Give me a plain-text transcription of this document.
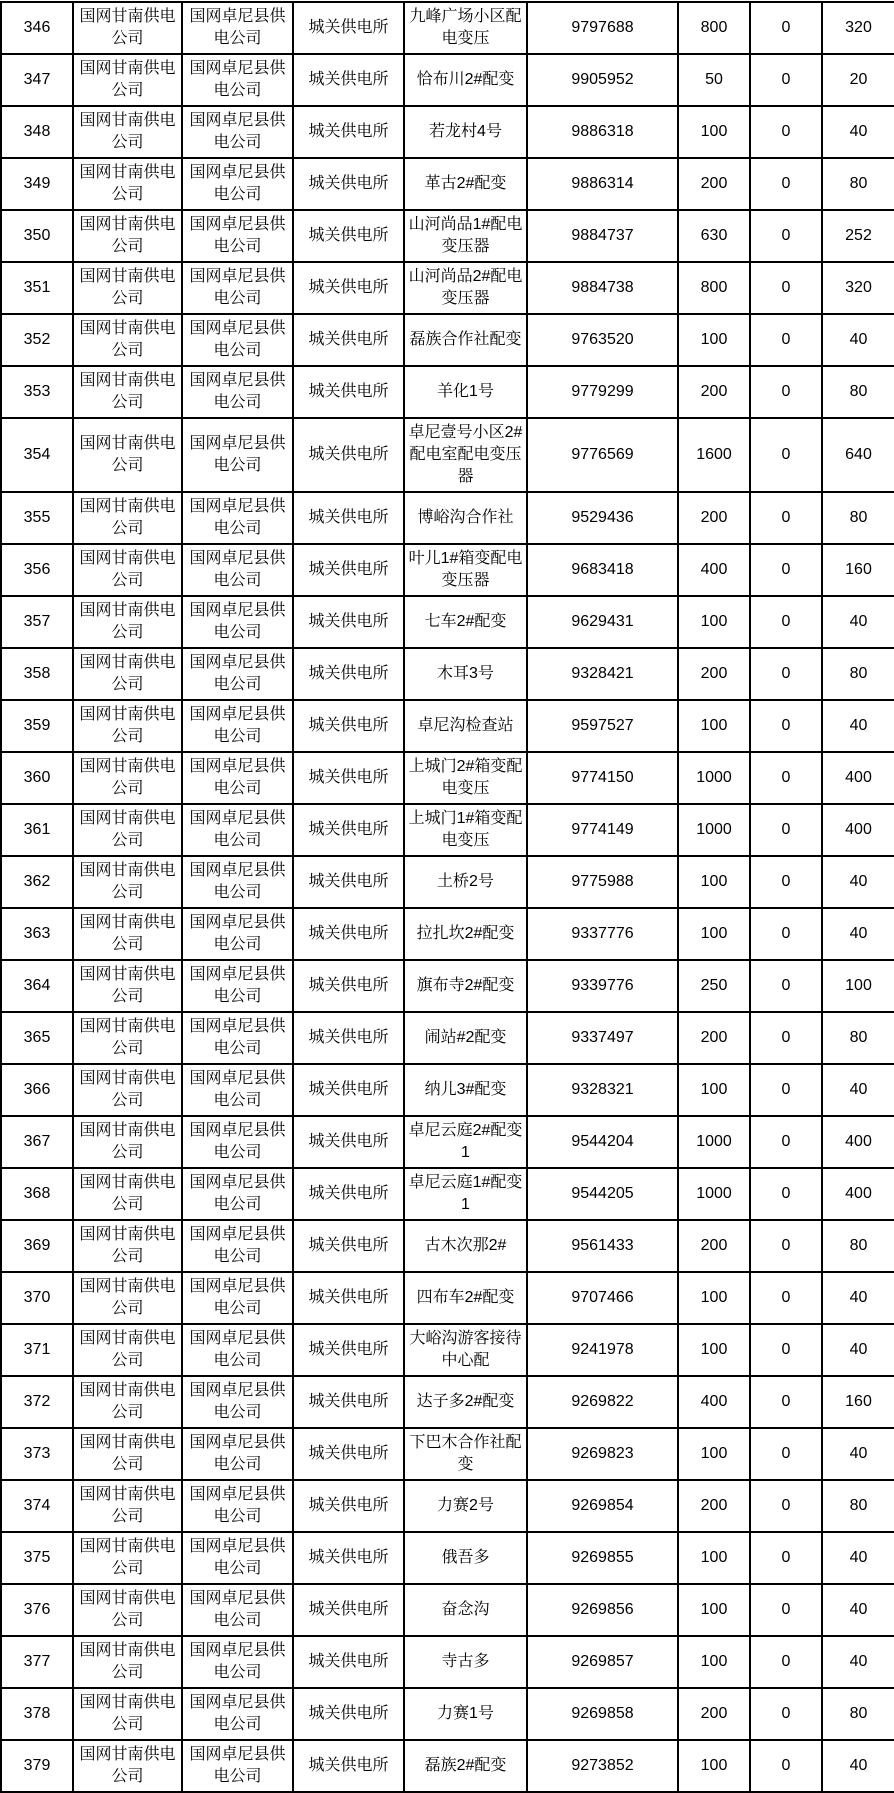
346	国网甘南供电公司	国网卓尼县供电公司	城关供电所	九峰广场小区配电变压	9797688	800	0	320
347	国网甘南供电公司	国网卓尼县供电公司	城关供电所	恰布川2#配变	9905952	50	0	20
348	国网甘南供电公司	国网卓尼县供电公司	城关供电所	若龙村4号	9886318	100	0	40
349	国网甘南供电公司	国网卓尼县供电公司	城关供电所	革古2#配变	9886314	200	0	80
350	国网甘南供电公司	国网卓尼县供电公司	城关供电所	山河尚品1#配电变压器	9884737	630	0	252
351	国网甘南供电公司	国网卓尼县供电公司	城关供电所	山河尚品2#配电变压器	9884738	800	0	320
352	国网甘南供电公司	国网卓尼县供电公司	城关供电所	磊族合作社配变	9763520	100	0	40
353	国网甘南供电公司	国网卓尼县供电公司	城关供电所	羊化1号	9779299	200	0	80
354	国网甘南供电公司	国网卓尼县供电公司	城关供电所	卓尼壹号小区2#配电室配电变压器	9776569	1600	0	640
355	国网甘南供电公司	国网卓尼县供电公司	城关供电所	博峪沟合作社	9529436	200	0	80
356	国网甘南供电公司	国网卓尼县供电公司	城关供电所	叶儿1#箱变配电变压器	9683418	400	0	160
357	国网甘南供电公司	国网卓尼县供电公司	城关供电所	七车2#配变	9629431	100	0	40
358	国网甘南供电公司	国网卓尼县供电公司	城关供电所	木耳3号	9328421	200	0	80
359	国网甘南供电公司	国网卓尼县供电公司	城关供电所	卓尼沟检查站	9597527	100	0	40
360	国网甘南供电公司	国网卓尼县供电公司	城关供电所	上城门2#箱变配电变压	9774150	1000	0	400
361	国网甘南供电公司	国网卓尼县供电公司	城关供电所	上城门1#箱变配电变压	9774149	1000	0	400
362	国网甘南供电公司	国网卓尼县供电公司	城关供电所	土桥2号	9775988	100	0	40
363	国网甘南供电公司	国网卓尼县供电公司	城关供电所	拉扎坎2#配变	9337776	100	0	40
364	国网甘南供电公司	国网卓尼县供电公司	城关供电所	旗布寺2#配变	9339776	250	0	100
365	国网甘南供电公司	国网卓尼县供电公司	城关供电所	闹站#2配变	9337497	200	0	80
366	国网甘南供电公司	国网卓尼县供电公司	城关供电所	纳儿3#配变	9328321	100	0	40
367	国网甘南供电公司	国网卓尼县供电公司	城关供电所	卓尼云庭2#配变1	9544204	1000	0	400
368	国网甘南供电公司	国网卓尼县供电公司	城关供电所	卓尼云庭1#配变1	9544205	1000	0	400
369	国网甘南供电公司	国网卓尼县供电公司	城关供电所	古木次那2#	9561433	200	0	80
370	国网甘南供电公司	国网卓尼县供电公司	城关供电所	四布车2#配变	9707466	100	0	40
371	国网甘南供电公司	国网卓尼县供电公司	城关供电所	大峪沟游客接待中心配	9241978	100	0	40
372	国网甘南供电公司	国网卓尼县供电公司	城关供电所	达子多2#配变	9269822	400	0	160
373	国网甘南供电公司	国网卓尼县供电公司	城关供电所	下巴木合作社配变	9269823	100	0	40
374	国网甘南供电公司	国网卓尼县供电公司	城关供电所	力赛2号	9269854	200	0	80
375	国网甘南供电公司	国网卓尼县供电公司	城关供电所	俄吾多	9269855	100	0	40
376	国网甘南供电公司	国网卓尼县供电公司	城关供电所	奋念沟	9269856	100	0	40
377	国网甘南供电公司	国网卓尼县供电公司	城关供电所	寺古多	9269857	100	0	40
378	国网甘南供电公司	国网卓尼县供电公司	城关供电所	力赛1号	9269858	200	0	80
379	国网甘南供电公司	国网卓尼县供电公司	城关供电所	磊族2#配变	9273852	100	0	40
